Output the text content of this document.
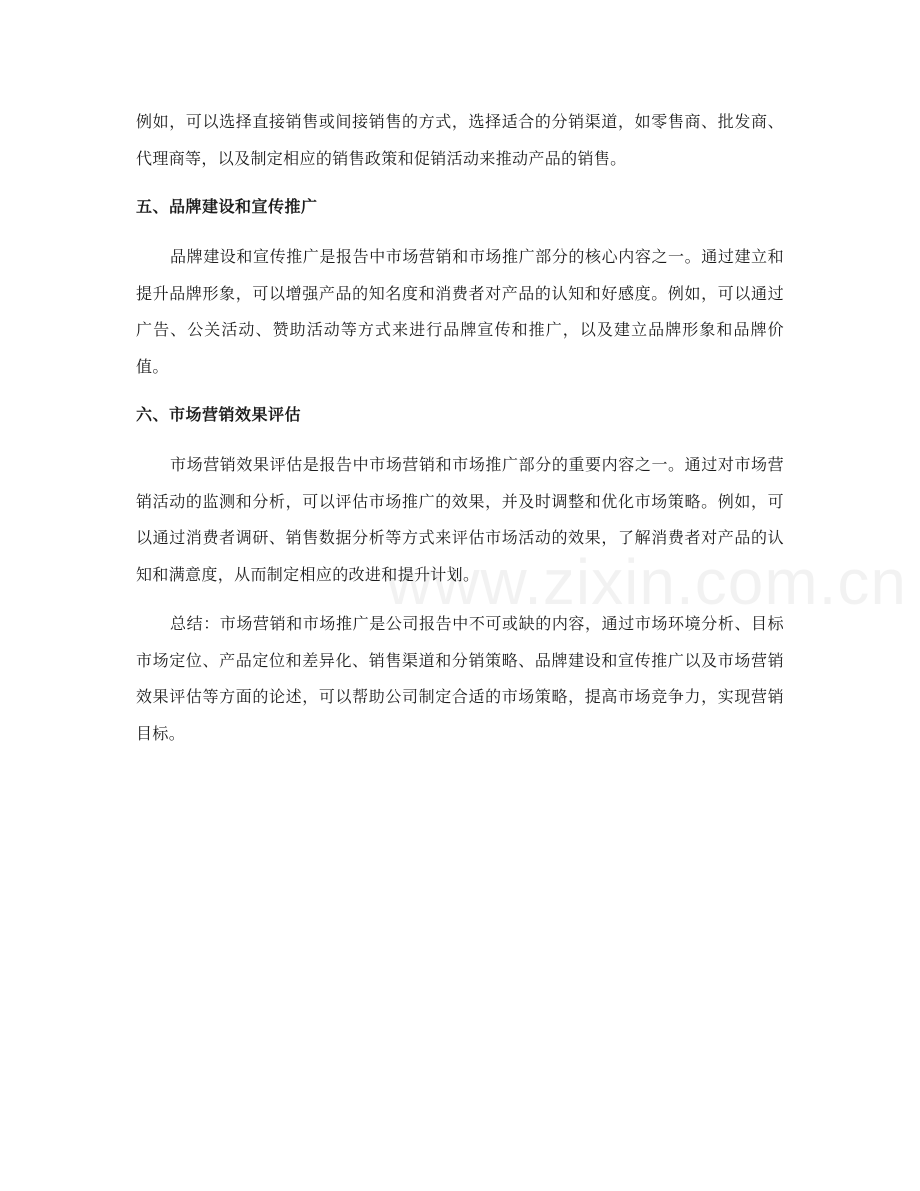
例如，可以选择直接销售或间接销售的方式，选择适合的分销渠道，如零售商、批发商、代理商等，以及制定相应的销售政策和促销活动来推动产品的销售。

五、品牌建设和宣传推广

品牌建设和宣传推广是报告中市场营销和市场推广部分的核心内容之一。通过建立和提升品牌形象，可以增强产品的知名度和消费者对产品的认知和好感度。例如，可以通过广告、公关活动、赞助活动等方式来进行品牌宣传和推广，以及建立品牌形象和品牌价值。

六、市场营销效果评估

市场营销效果评估是报告中市场营销和市场推广部分的重要内容之一。通过对市场营销活动的监测和分析，可以评估市场推广的效果，并及时调整和优化市场策略。例如，可以通过消费者调研、销售数据分析等方式来评估市场活动的效果，了解消费者对产品的认知和满意度，从而制定相应的改进和提升计划。

总结：市场营销和市场推广是公司报告中不可或缺的内容，通过市场环境分析、目标市场定位、产品定位和差异化、销售渠道和分销策略、品牌建设和宣传推广以及市场营销效果评估等方面的论述，可以帮助公司制定合适的市场策略，提高市场竞争力，实现营销目标。

www.zixin.com.cn
